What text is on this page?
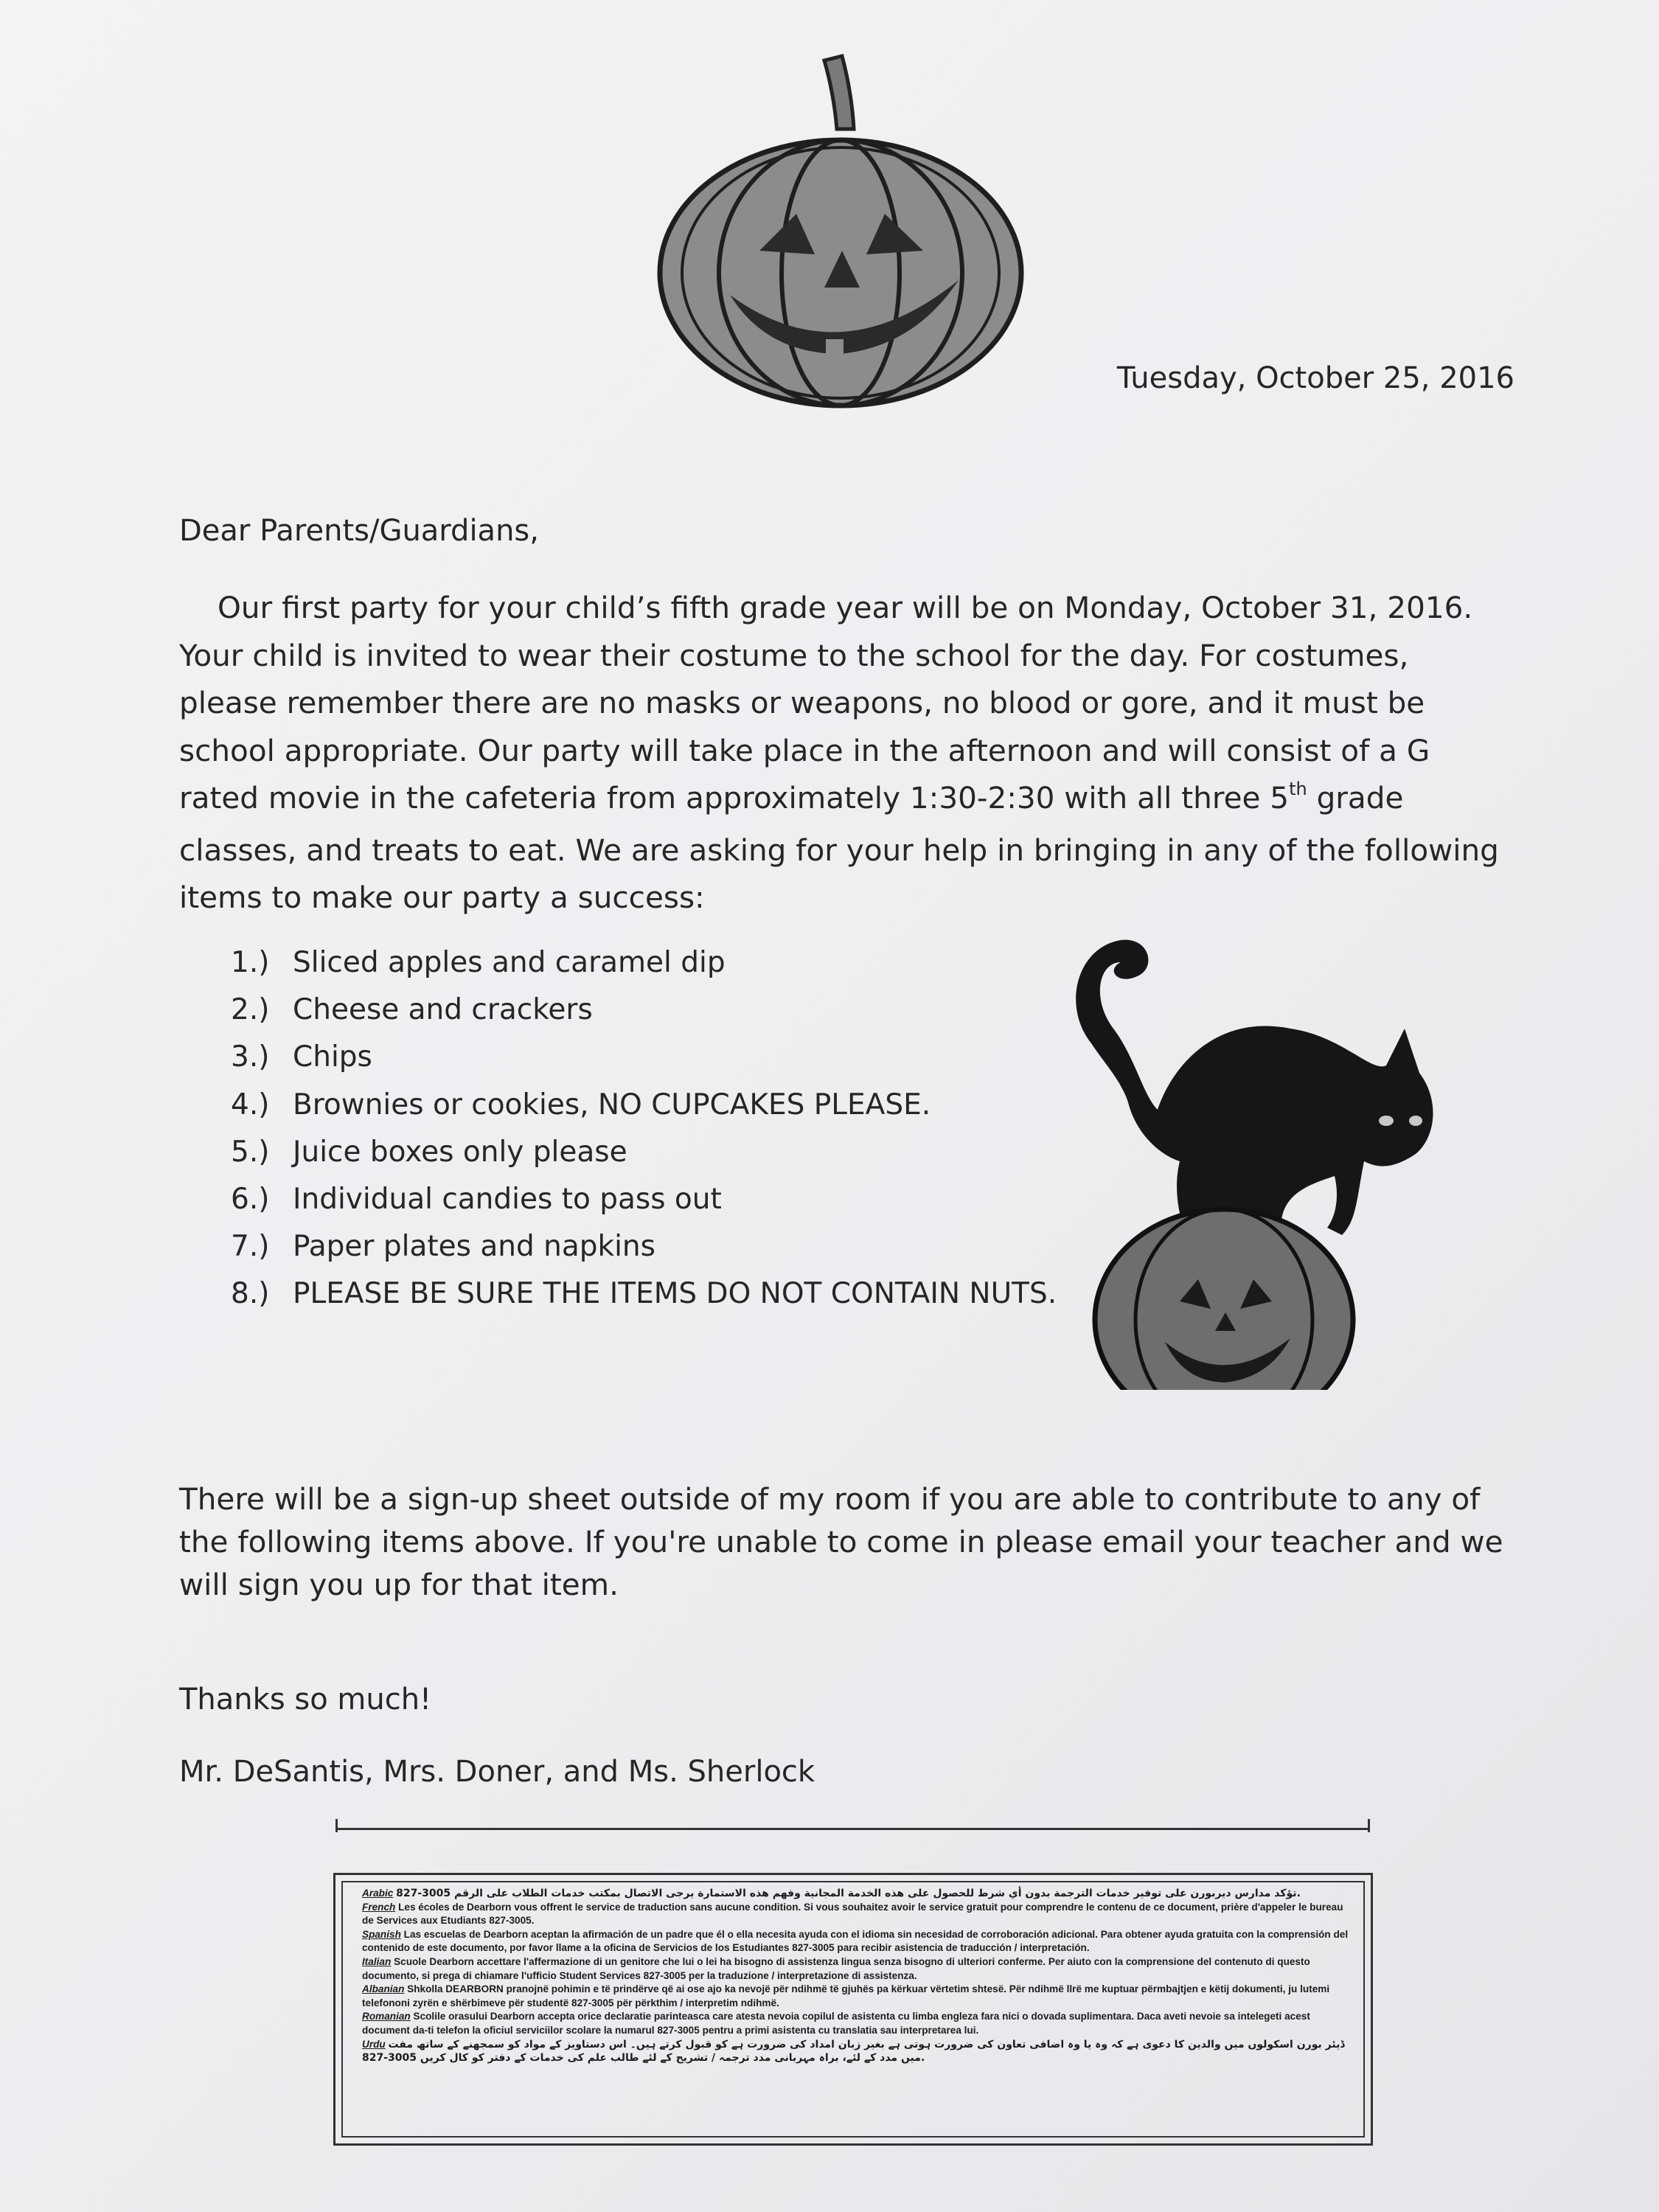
Tuesday, October 25, 2016
Dear Parents/Guardians,

Our first party for your child’s fifth grade year will be on Monday, October 31, 2016. Your child is invited to wear their costume to the school for the day. For costumes, please remember there are no masks or weapons, no blood or gore, and it must be school appropriate. Our party will take place in the afternoon and will consist of a G rated movie in the cafeteria from approximately 1:30-2:30 with all three 5th grade classes, and treats to eat. We are asking for your help in bringing in any of the following items to make our party a success:

1.) Sliced apples and caramel dip
2.) Cheese and crackers
3.) Chips
4.) Brownies or cookies, NO CUPCAKES PLEASE.
5.) Juice boxes only please
6.) Individual candies to pass out
7.) Paper plates and napkins
8.) PLEASE BE SURE THE ITEMS DO NOT CONTAIN NUTS.

There will be a sign-up sheet outside of my room if you are able to contribute to any of the following items above. If you're unable to come in please email your teacher and we will sign you up for that item.

Thanks so much!
Mr. DeSantis, Mrs. Doner, and Ms. Sherlock

Arabic تؤكد مدارس ديربورن على توفير خدمات الترجمة بدون أي شرط للحصول على هذه الخدمة المجانية وفهم هذه الاستمارة يرجى الاتصال بمكتب خدمات الطلاب على الرقم 3005-827.

French Les écoles de Dearborn vous offrent le service de traduction sans aucune condition. Si vous souhaitez avoir le service gratuit pour comprendre le contenu de ce document, prière d'appeler le bureau de Services aux Etudiants 827-3005.

Spanish Las escuelas de Dearborn aceptan la afirmación de un padre que él o ella necesita ayuda con el idioma sin necesidad de corroboración adicional. Para obtener ayuda gratuita con la comprensión del contenido de este documento, por favor llame a la oficina de Servicios de los Estudiantes 827-3005 para recibir asistencia de traducción / interpretación.

Italian Scuole Dearborn accettare l'affermazione di un genitore che lui o lei ha bisogno di assistenza lingua senza bisogno di ulteriori conferme. Per aiuto con la comprensione del contenuto di questo documento, si prega di chiamare l'ufficio Student Services 827-3005 per la traduzione / interpretazione di assistenza.

Albanian Shkolla DEARBORN pranojnë pohimin e të prindërve që ai ose ajo ka nevojë për ndihmë të gjuhës pa kërkuar vërtetim shtesë. Për ndihmë llrë me kuptuar përmbajtjen e këtij dokumenti, ju lutemi telefononi zyrën e shërbimeve për studentë 827-3005 për përkthim / interpretim ndihmë.

Romanian Scolile orasului Dearborn accepta orice declaratie parinteasca care atesta nevoia copilul de asistenta cu limba engleza fara nici o dovada suplimentara. Daca aveti nevoie sa intelegeti acest document da-ti telefon la oficiul serviciilor scolare la numarul 827-3005 pentru a primi asistenta cu translatia sau interpretarea lui.

Urdu ڈیئر بورن اسکولوں میں والدین کا دعوی ہے کہ وہ یا وہ اضافی تعاون کی ضرورت ہوتی ہے بغیر زبان امداد کی ضرورت ہے کو قبول کرتے ہیں۔ اس دستاویز کے مواد کو سمجھنے کے ساتھ مفت میں مدد کے لئے، براہ مہربانی مدد ترجمہ / تشریح کے لئے طالب علم کی خدمات کے دفتر کو کال کریں 3005-827.
